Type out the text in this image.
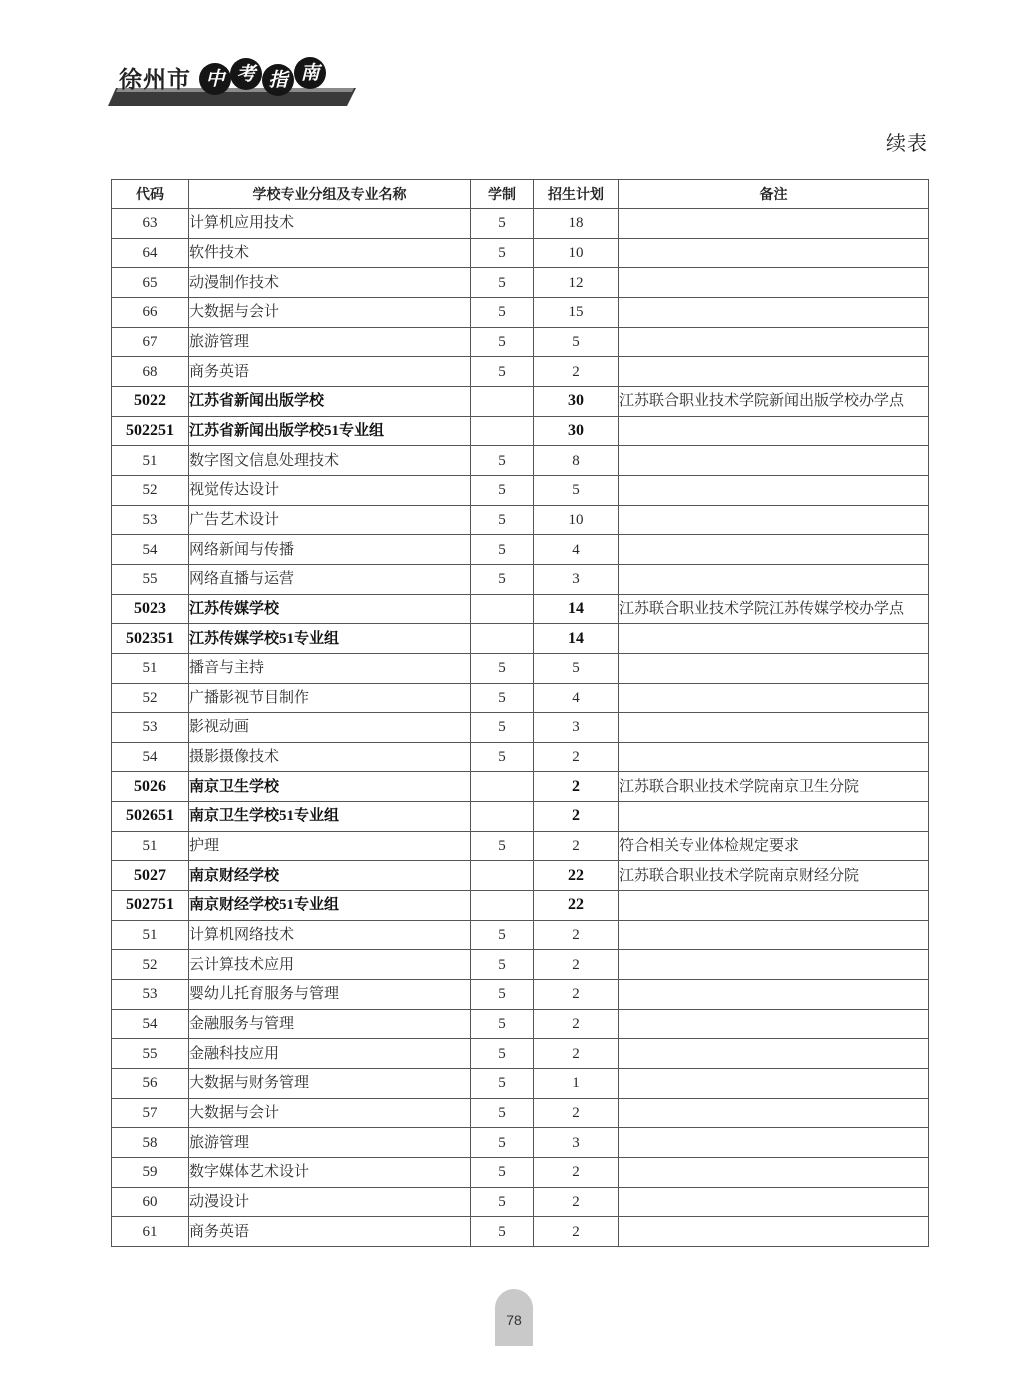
徐州市 中 考 指 南
续表
代码	学校专业分组及专业名称	学制	招生计划	备注
63	计算机应用技术	5	18	
64	软件技术	5	10	
65	动漫制作技术	5	12	
66	大数据与会计	5	15	
67	旅游管理	5	5	
68	商务英语	5	2	
5022	江苏省新闻出版学校		30	江苏联合职业技术学院新闻出版学校办学点
502251	江苏省新闻出版学校51专业组		30	
51	数字图文信息处理技术	5	8	
52	视觉传达设计	5	5	
53	广告艺术设计	5	10	
54	网络新闻与传播	5	4	
55	网络直播与运营	5	3	
5023	江苏传媒学校		14	江苏联合职业技术学院江苏传媒学校办学点
502351	江苏传媒学校51专业组		14	
51	播音与主持	5	5	
52	广播影视节目制作	5	4	
53	影视动画	5	3	
54	摄影摄像技术	5	2	
5026	南京卫生学校		2	江苏联合职业技术学院南京卫生分院
502651	南京卫生学校51专业组		2	
51	护理	5	2	符合相关专业体检规定要求
5027	南京财经学校		22	江苏联合职业技术学院南京财经分院
502751	南京财经学校51专业组		22	
51	计算机网络技术	5	2	
52	云计算技术应用	5	2	
53	婴幼儿托育服务与管理	5	2	
54	金融服务与管理	5	2	
55	金融科技应用	5	2	
56	大数据与财务管理	5	1	
57	大数据与会计	5	2	
58	旅游管理	5	3	
59	数字媒体艺术设计	5	2	
60	动漫设计	5	2	
61	商务英语	5	2	
78
